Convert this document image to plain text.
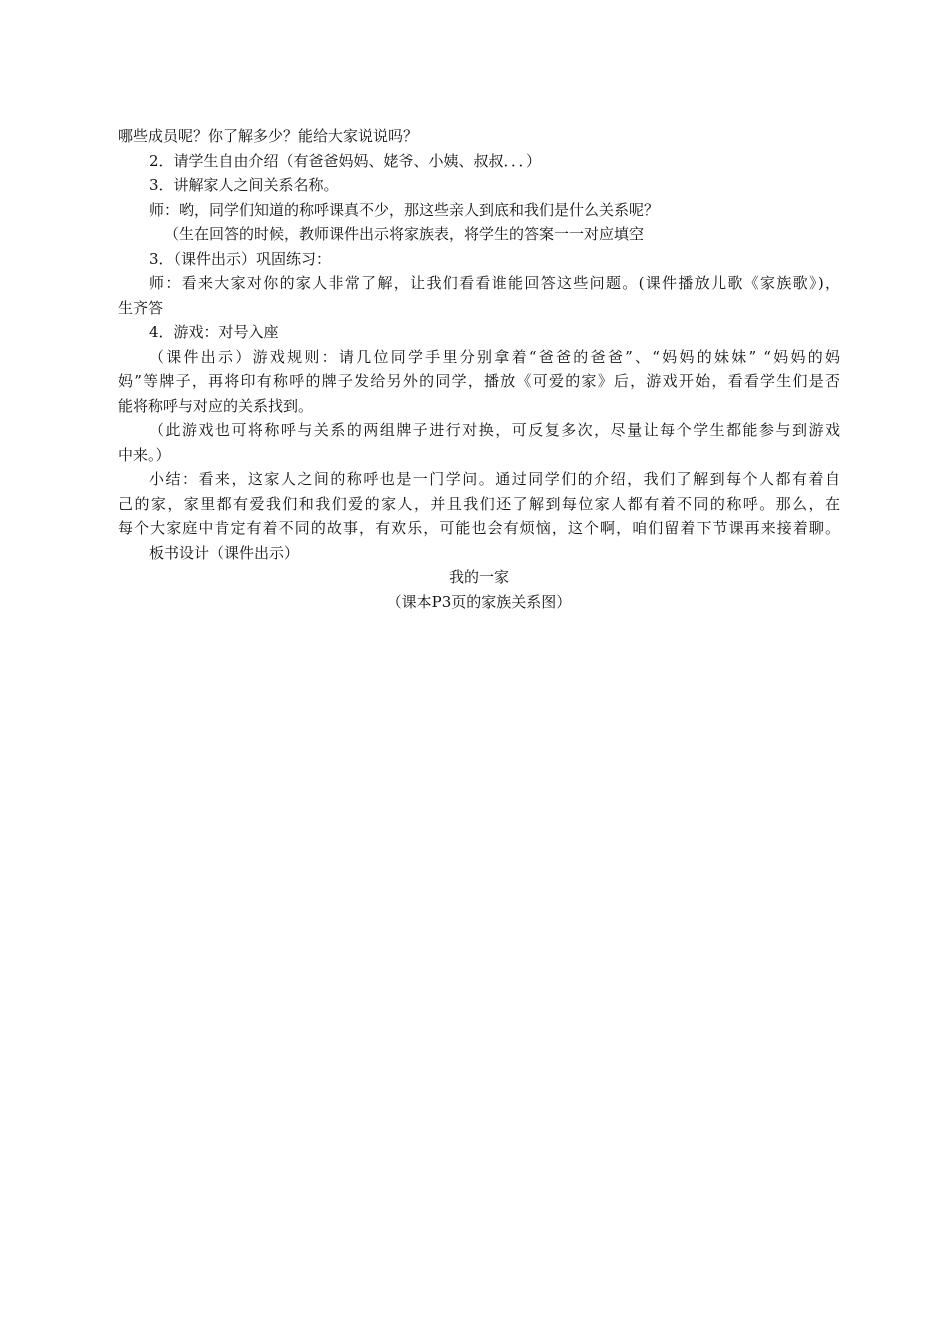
哪些成员呢？你了解多少？能给大家说说吗？
2．请学生自由介绍（有爸爸妈妈、姥爷、小姨、叔叔．．．）
3．讲解家人之间关系名称。
师：哟，同学们知道的称呼课真不少，那这些亲人到底和我们是什么关系呢？
（生在回答的时候，教师课件出示将家族表，将学生的答案一一对应填空
3．（课件出示）巩固练习：
师：看来大家对你的家人非常了解，让我们看看谁能回答这些问题。(课件播放儿歌《家族歌》)，
生齐答
4．游戏：对号入座
（课件出示）游戏规则：请几位同学手里分别拿着“爸爸的爸爸”、“妈妈的妹妹” “妈妈的妈
妈”等牌子，再将印有称呼的牌子发给另外的同学，播放《可爱的家》后，游戏开始，看看学生们是否
能将称呼与对应的关系找到。
（此游戏也可将称呼与关系的两组牌子进行对换，可反复多次，尽量让每个学生都能参与到游戏
中来。）
小结：看来，这家人之间的称呼也是一门学问。通过同学们的介绍，我们了解到每个人都有着自
己的家，家里都有爱我们和我们爱的家人，并且我们还了解到每位家人都有着不同的称呼。那么，在
每个大家庭中肯定有着不同的故事，有欢乐，可能也会有烦恼，这个啊，咱们留着下节课再来接着聊。
板书设计（课件出示）
我的一家
（课本P3页的家族关系图）
